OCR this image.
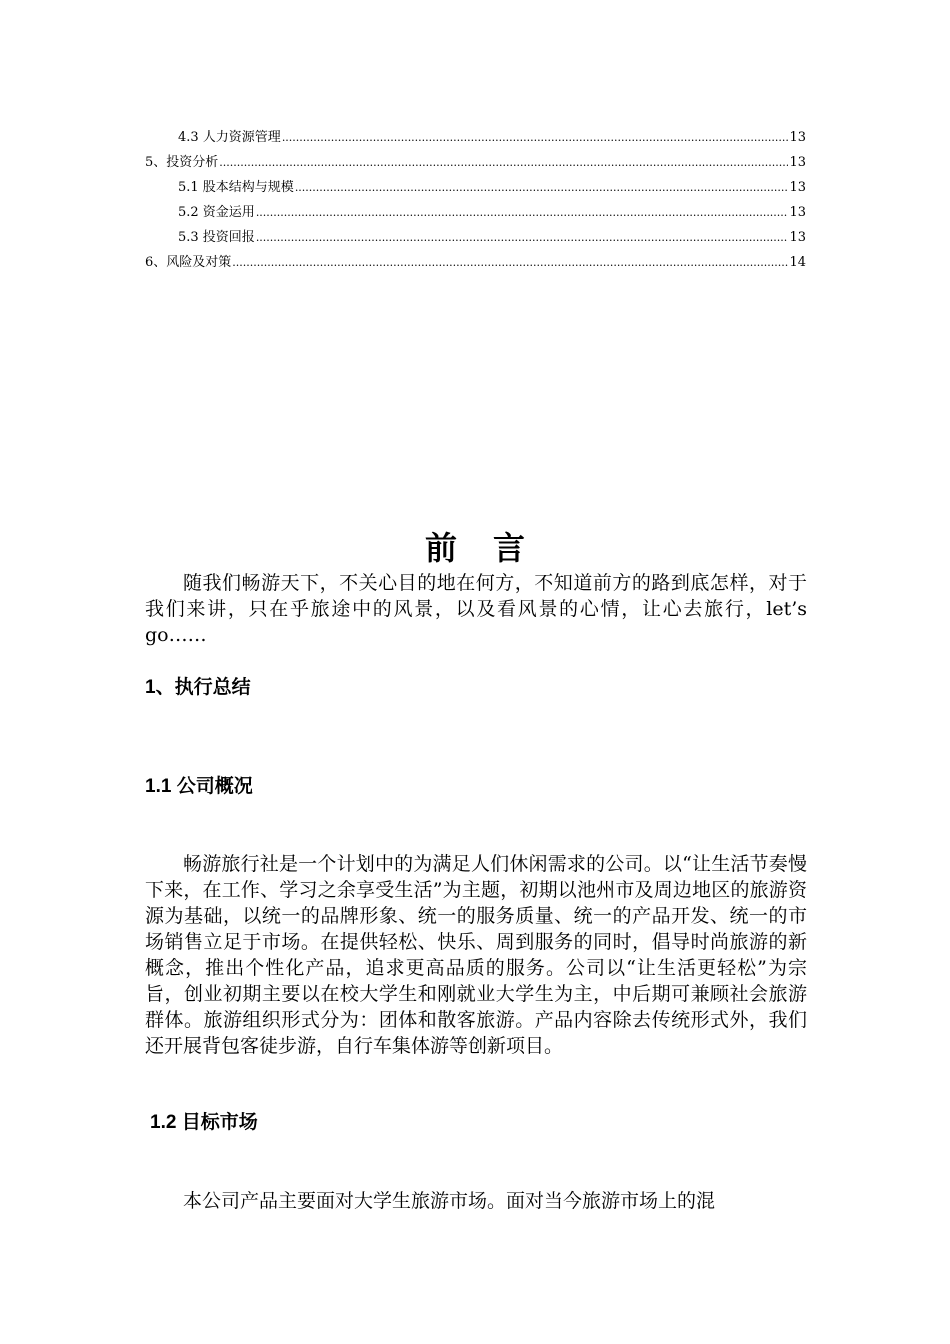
4.3 人力资源管理 .....	13
5、投资分析 .....	13
5.1 股本结构与规模 .....	13
5.2 资金运用 .....	13
5.3 投资回报 .....	13
6、风险及对策 .....	14
前言

随我们畅游天下，不关心目的地在何方，不知道前方的路到底怎样，对于我们来讲，只在乎旅途中的风景，以及看风景的心情，让心去旅行，let’s go……

1、执行总结
1.1 公司概况

畅游旅行社是一个计划中的为满足人们休闲需求的公司。以“让生活节奏慢下来，在工作、学习之余享受生活”为主题，初期以池州市及周边地区的旅游资源为基础，以统一的品牌形象、统一的服务质量、统一的产品开发、统一的市场销售立足于市场。在提供轻松、快乐、周到服务的同时，倡导时尚旅游的新概念，推出个性化产品，追求更高品质的服务。公司以“让生活更轻松”为宗旨，创业初期主要以在校大学生和刚就业大学生为主，中后期可兼顾社会旅游群体。旅游组织形式分为：团体和散客旅游。产品内容除去传统形式外，我们还开展背包客徒步游，自行车集体游等创新项目。

1.2 目标市场

本公司产品主要面对大学生旅游市场。面对当今旅游市场上的混
